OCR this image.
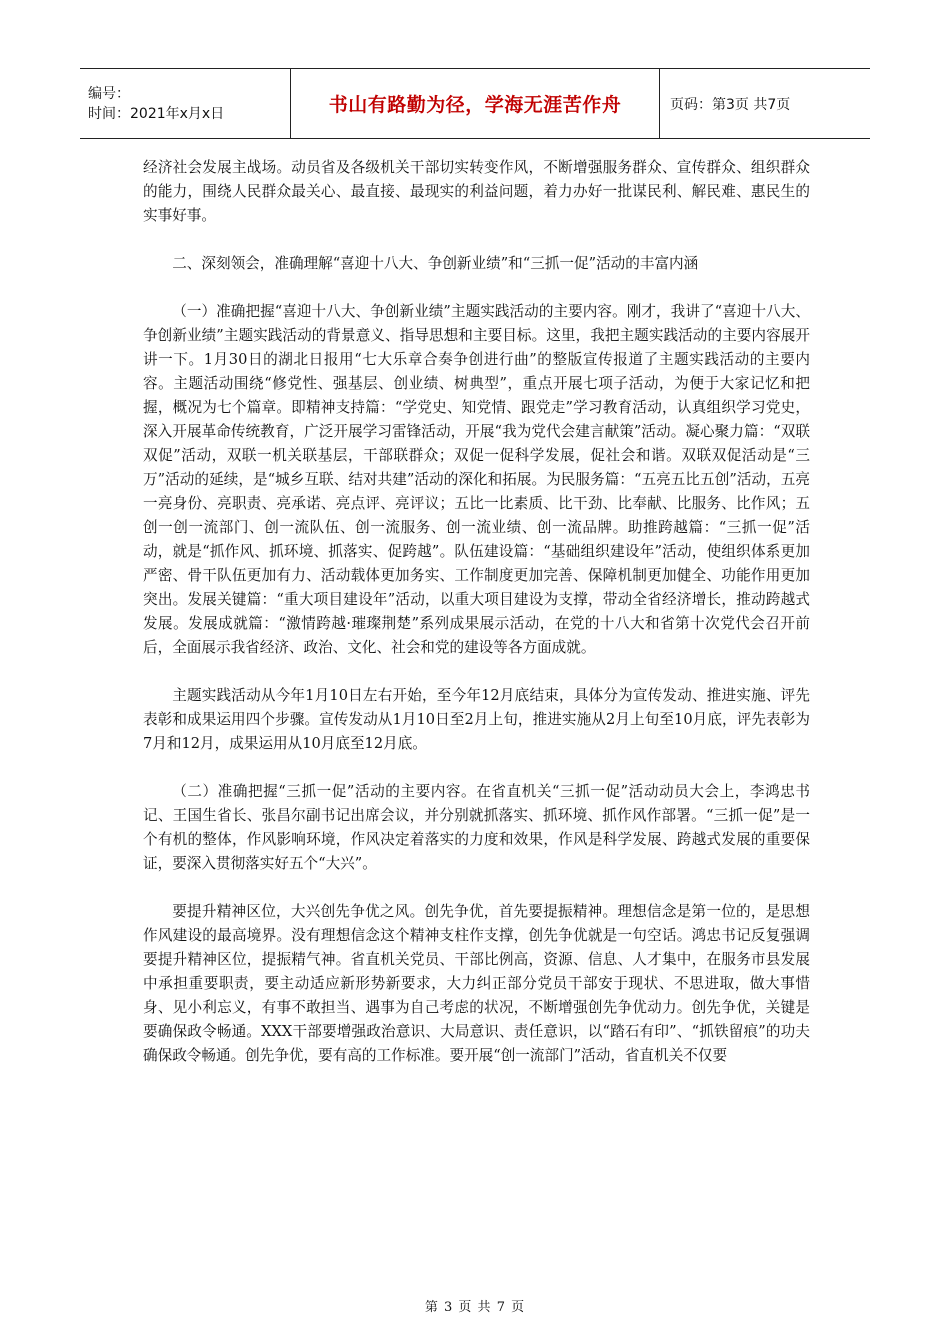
编号：
时间：2021年x月x日	书山有路勤为径，学海无涯苦作舟	页码：第3页 共7页

经济社会发展主战场。动员省及各级机关干部切实转变作风，不断增强服务群众、宣传群众、组织群众的能力，围绕人民群众最关心、最直接、最现实的利益问题，着力办好一批谋民利、解民难、惠民生的实事好事。

二、深刻领会，准确理解“喜迎十八大、争创新业绩”和“三抓一促”活动的丰富内涵

（一）准确把握“喜迎十八大、争创新业绩”主题实践活动的主要内容。刚才，我讲了“喜迎十八大、争创新业绩”主题实践活动的背景意义、指导思想和主要目标。这里，我把主题实践活动的主要内容展开讲一下。1月30日的湖北日报用“七大乐章合奏争创进行曲”的整版宣传报道了主题实践活动的主要内容。主题活动围绕“修党性、强基层、创业绩、树典型”，重点开展七项子活动，为便于大家记忆和把握，概况为七个篇章。即精神支持篇：“学党史、知党情、跟党走”学习教育活动，认真组织学习党史，深入开展革命传统教育，广泛开展学习雷锋活动，开展“我为党代会建言献策”活动。凝心聚力篇：“双联双促”活动，双联一机关联基层，干部联群众；双促一促科学发展，促社会和谐。双联双促活动是“三万”活动的延续，是“城乡互联、结对共建”活动的深化和拓展。为民服务篇：“五亮五比五创”活动，五亮一亮身份、亮职责、亮承诺、亮点评、亮评议；五比一比素质、比干劲、比奉献、比服务、比作风；五创一创一流部门、创一流队伍、创一流服务、创一流业绩、创一流品牌。助推跨越篇：“三抓一促”活动，就是“抓作风、抓环境、抓落实、促跨越”。队伍建设篇：“基础组织建设年”活动，使组织体系更加严密、骨干队伍更加有力、活动载体更加务实、工作制度更加完善、保障机制更加健全、功能作用更加突出。发展关键篇：“重大项目建设年”活动，以重大项目建设为支撑，带动全省经济增长，推动跨越式发展。发展成就篇：“激情跨越·璀璨荆楚”系列成果展示活动，在党的十八大和省第十次党代会召开前后，全面展示我省经济、政治、文化、社会和党的建设等各方面成就。

主题实践活动从今年1月10日左右开始，至今年12月底结束，具体分为宣传发动、推进实施、评先表彰和成果运用四个步骤。宣传发动从1月10日至2月上旬，推进实施从2月上旬至10月底，评先表彰为7月和12月，成果运用从10月底至12月底。

（二）准确把握“三抓一促”活动的主要内容。在省直机关“三抓一促”活动动员大会上，李鸿忠书记、王国生省长、张昌尔副书记出席会议，并分别就抓落实、抓环境、抓作风作部署。“三抓一促”是一个有机的整体，作风影响环境，作风决定着落实的力度和效果，作风是科学发展、跨越式发展的重要保证，要深入贯彻落实好五个“大兴”。

要提升精神区位，大兴创先争优之风。创先争优，首先要提振精神。理想信念是第一位的，是思想作风建设的最高境界。没有理想信念这个精神支柱作支撑，创先争优就是一句空话。鸿忠书记反复强调要提升精神区位，提振精气神。省直机关党员、干部比例高，资源、信息、人才集中，在服务市县发展中承担重要职责，要主动适应新形势新要求，大力纠正部分党员干部安于现状、不思进取，做大事惜身、见小利忘义，有事不敢担当、遇事为自己考虑的状况，不断增强创先争优动力。创先争优，关键是要确保政令畅通。XXX干部要增强政治意识、大局意识、责任意识，以“踏石有印”、“抓铁留痕”的功夫确保政令畅通。创先争优，要有高的工作标准。要开展“创一流部门”活动，省直机关不仅要

第 3 页 共 7 页
